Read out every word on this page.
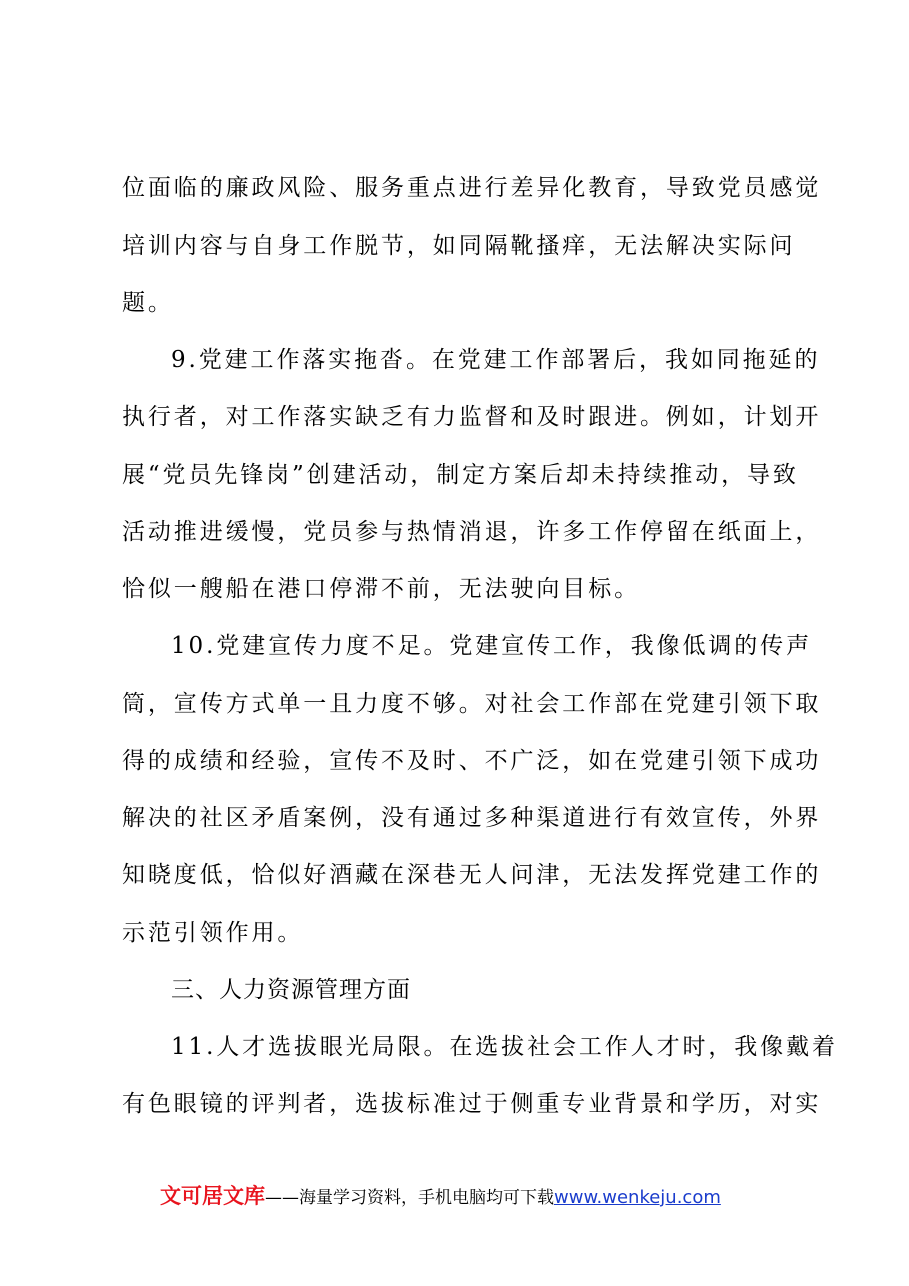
位面临的廉政风险、服务重点进行差异化教育，导致党员感觉
培训内容与自身工作脱节，如同隔靴搔痒，无法解决实际问
题。
9.党建工作落实拖沓。在党建工作部署后，我如同拖延的
执行者，对工作落实缺乏有力监督和及时跟进。例如，计划开
展“党员先锋岗”创建活动，制定方案后却未持续推动，导致
活动推进缓慢，党员参与热情消退，许多工作停留在纸面上，
恰似一艘船在港口停滞不前，无法驶向目标。
10.党建宣传力度不足。党建宣传工作，我像低调的传声
筒，宣传方式单一且力度不够。对社会工作部在党建引领下取
得的成绩和经验，宣传不及时、不广泛，如在党建引领下成功
解决的社区矛盾案例，没有通过多种渠道进行有效宣传，外界
知晓度低，恰似好酒藏在深巷无人问津，无法发挥党建工作的
示范引领作用。
三、人力资源管理方面
11.人才选拔眼光局限。在选拔社会工作人才时，我像戴着
有色眼镜的评判者，选拔标准过于侧重专业背景和学历，对实
文可居文库——海量学习资料，手机电脑均可下载www.wenkeju.com
